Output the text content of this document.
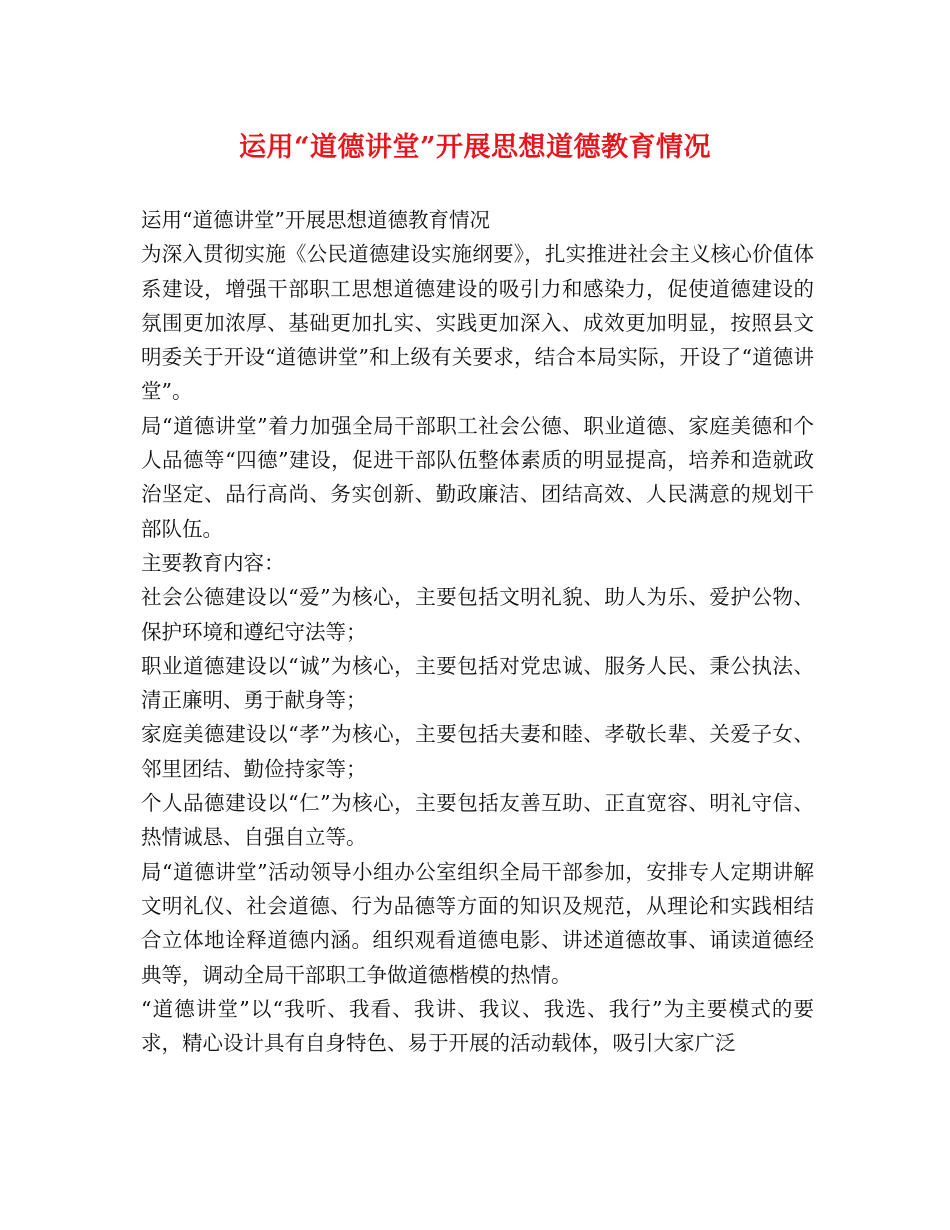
运用“道德讲堂”开展思想道德教育情况

运用“道德讲堂”开展思想道德教育情况

为深入贯彻实施《公民道德建设实施纲要》，扎实推进社会主义核心价值体系建设，增强干部职工思想道德建设的吸引力和感染力，促使道德建设的氛围更加浓厚、基础更加扎实、实践更加深入、成效更加明显，按照县文明委关于开设“道德讲堂”和上级有关要求，结合本局实际，开设了“道德讲堂”。

局“道德讲堂”着力加强全局干部职工社会公德、职业道德、家庭美德和个人品德等“四德”建设，促进干部队伍整体素质的明显提高，培养和造就政治坚定、品行高尚、务实创新、勤政廉洁、团结高效、人民满意的规划干部队伍。

主要教育内容：

社会公德建设以“爱”为核心，主要包括文明礼貌、助人为乐、爱护公物、保护环境和遵纪守法等；

职业道德建设以“诚”为核心，主要包括对党忠诚、服务人民、秉公执法、清正廉明、勇于献身等；

家庭美德建设以“孝”为核心，主要包括夫妻和睦、孝敬长辈、关爱子女、邻里团结、勤俭持家等；

个人品德建设以“仁”为核心，主要包括友善互助、正直宽容、明礼守信、热情诚恳、自强自立等。

局“道德讲堂”活动领导小组办公室组织全局干部参加，安排专人定期讲解文明礼仪、社会道德、行为品德等方面的知识及规范，从理论和实践相结合立体地诠释道德内涵。组织观看道德电影、讲述道德故事、诵读道德经典等，调动全局干部职工争做道德楷模的热情。

“道德讲堂”以“我听、我看、我讲、我议、我选、我行”为主要模式的要求，精心设计具有自身特色、易于开展的活动载体，吸引大家广泛
